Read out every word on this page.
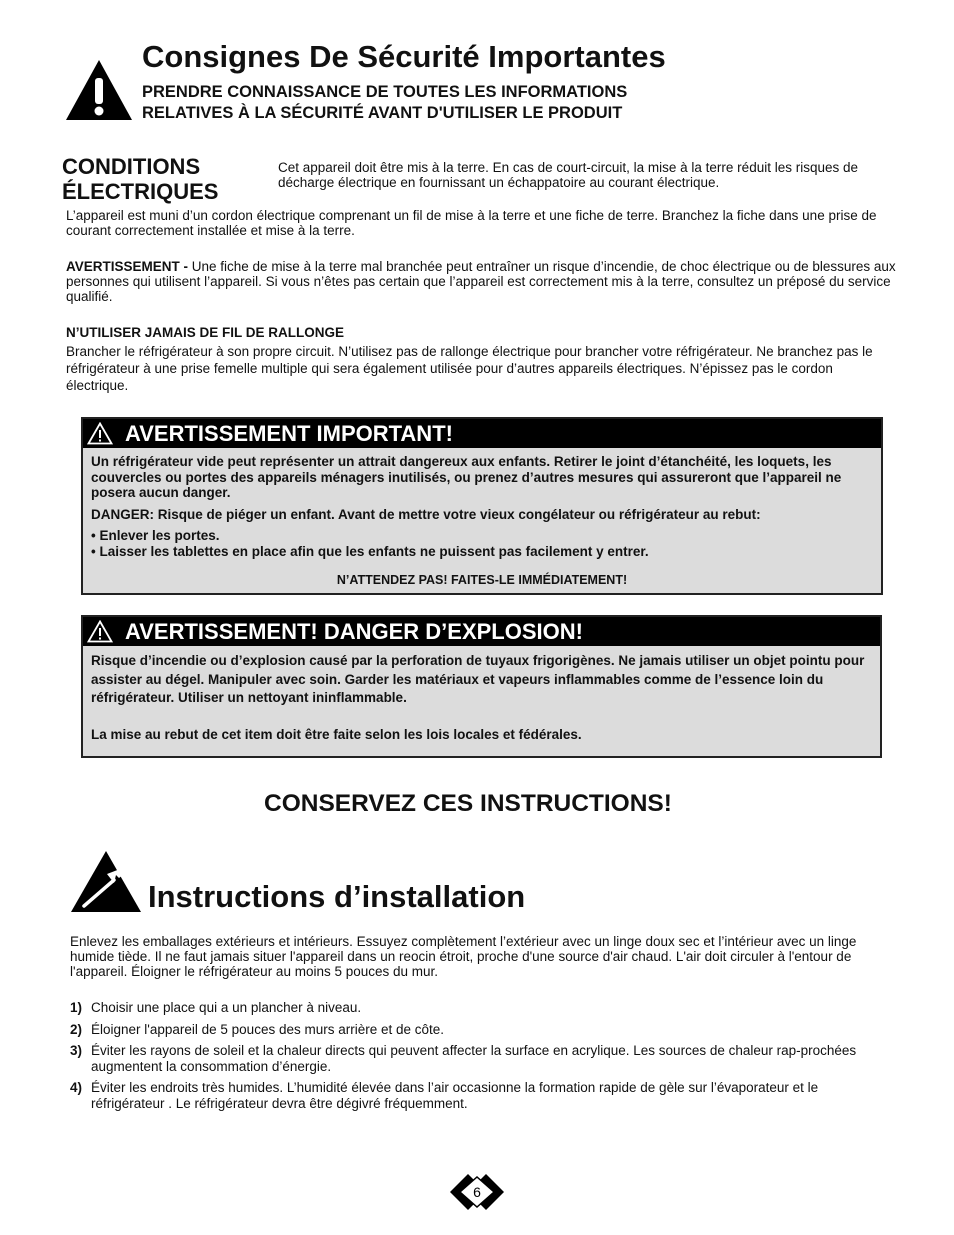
Consignes De Sécurité Importantes
PRENDRE CONNAISSANCE DE TOUTES LES INFORMATIONS
RELATIVES À LA SÉCURITÉ AVANT D'UTILISER LE PRODUIT
CONDITIONS
ÉLECTRIQUES
Cet appareil doit être mis à la terre. En cas de court-circuit, la mise à la terre réduit les risques de décharge électrique en fournissant un échappatoire au courant électrique.
L’appareil est muni d’un cordon électrique comprenant un fil de mise à la terre et une fiche de terre. Branchez la fiche dans une prise de courant correctement installée et mise à la terre.
AVERTISSEMENT - Une fiche de mise à la terre mal branchée peut entraîner un risque d’incendie, de choc électrique ou de blessures aux personnes qui utilisent l’appareil. Si vous n’êtes pas certain que l’appareil est correctement mis à la terre, consultez un préposé du service qualifié.
N’UTILISER JAMAIS DE FIL DE RALLONGE
Brancher le réfrigérateur à son propre circuit. N’utilisez pas de rallonge électrique pour brancher votre réfrigérateur. Ne branchez pas le réfrigérateur à une prise femelle multiple qui sera également utilisée pour d’autres appareils électriques. N’épissez pas le cordon électrique.
AVERTISSEMENT IMPORTANT!

Un réfrigérateur vide peut représenter un attrait dangereux aux enfants. Retirer le joint d’étanchéité, les loquets, les couvercles ou portes des appareils ménagers inutilisés, ou prenez d’autres mesures qui assureront que l’appareil ne posera aucun danger.

DANGER: Risque de piéger un enfant. Avant de mettre votre vieux congélateur ou réfrigérateur au rebut:

• Enlever les portes.
• Laisser les tablettes en place afin que les enfants ne puissent pas facilement y entrer.
N’ATTENDEZ PAS! FAITES-LE IMMÉDIATEMENT!
AVERTISSEMENT! DANGER D’EXPLOSION!

Risque d’incendie ou d’explosion causé par la perforation de tuyaux frigorigènes. Ne jamais utiliser un objet pointu pour assister au dégel. Manipuler avec soin. Garder les matériaux et vapeurs inflammables comme de l’essence loin du réfrigérateur. Utiliser un nettoyant ininflammable.

La mise au rebut de cet item doit être faite selon les lois locales et fédérales.

CONSERVEZ CES INSTRUCTIONS!
Instructions d’installation
Enlevez les emballages extérieurs et intérieurs. Essuyez complètement l’extérieur avec un linge doux sec et l’intérieur avec un linge humide tiède. Il ne faut jamais situer l'appareil dans un reocin étroit, proche d'une source d'air chaud. L'air doit circuler à l'entour de l'appareil. Éloigner le réfrigérateur au moins 5 pouces du mur.
1) Choisir une place qui a un plancher à niveau.
2) Éloigner l'appareil de 5 pouces des murs arrière et de côte.
3) Éviter les rayons de soleil et la chaleur directs qui peuvent affecter la surface en acrylique. Les sources de chaleur rap-prochées augmentent la consommation d’énergie.
4) Éviter les endroits très humides. L’humidité élevée dans l’air occasionne la formation rapide de gèle sur l’évaporateur et le réfrigérateur . Le réfrigérateur devra être dégivré fréquemment.
6
